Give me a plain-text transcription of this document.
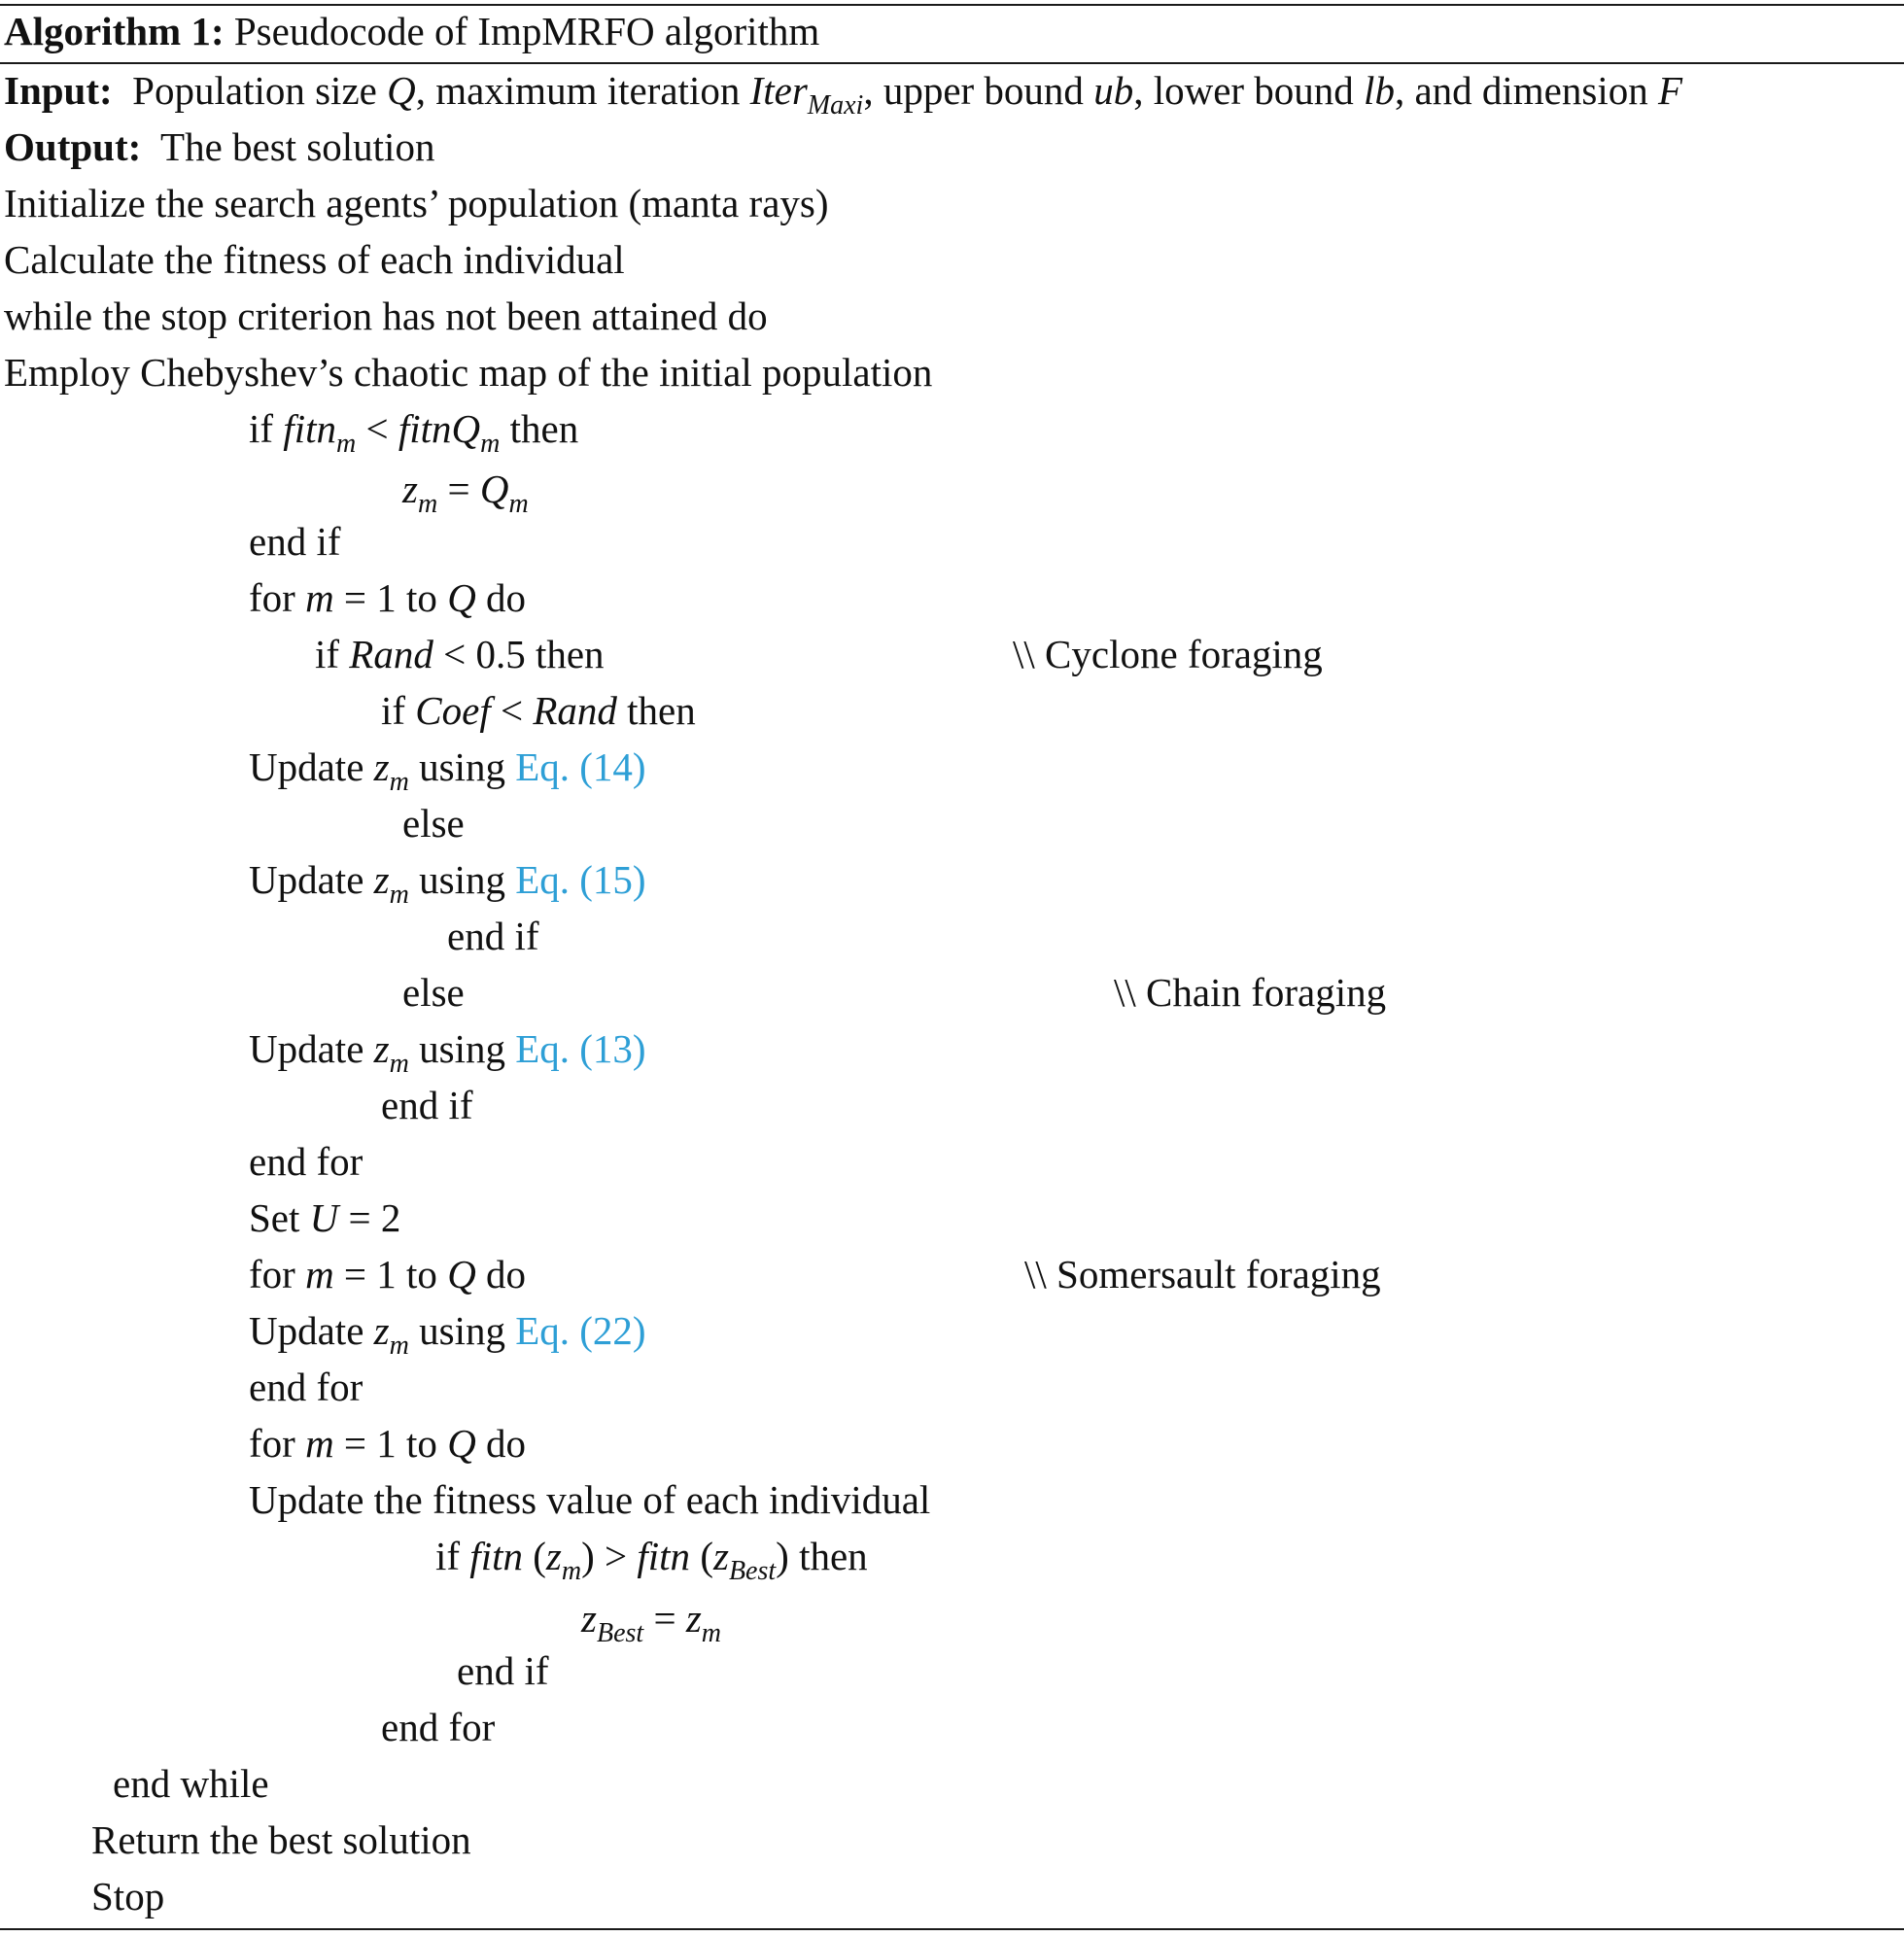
Algorithm 1: Pseudocode of ImpMRFO algorithm
Input: Population size Q, maximum iteration Iter$_{Maxi}$, upper bound ub, lower bound lb, and dimension F
Output: The best solution
Initialize the search agents’ population (manta rays)
Calculate the fitness of each individual
while the stop criterion has not been attained do
Employ Chebyshev’s chaotic map of the initial population
if fitn$_m$ < fitnQ$_m$ then
$z_m = Q_m$
end if
for m = 1 to Q do
if Rand < 0.5 then	\\ Cyclone foraging
if Coef < Rand then
Update $z_m$ using Eq. (14)
else
Update $z_m$ using Eq. (15)
end if
else	\\ Chain foraging
Update $z_m$ using Eq. (13)
end if
end for
Set U = 2
for m = 1 to Q do	\\ Somersault foraging
Update $z_m$ using Eq. (22)
end for
for m = 1 to Q do
Update the fitness value of each individual
if fitn $(z_m)$ > fitn $(z_{Best})$ then
$z_{Best} = z_m$
end if
end for
end while
Return the best solution
Stop
